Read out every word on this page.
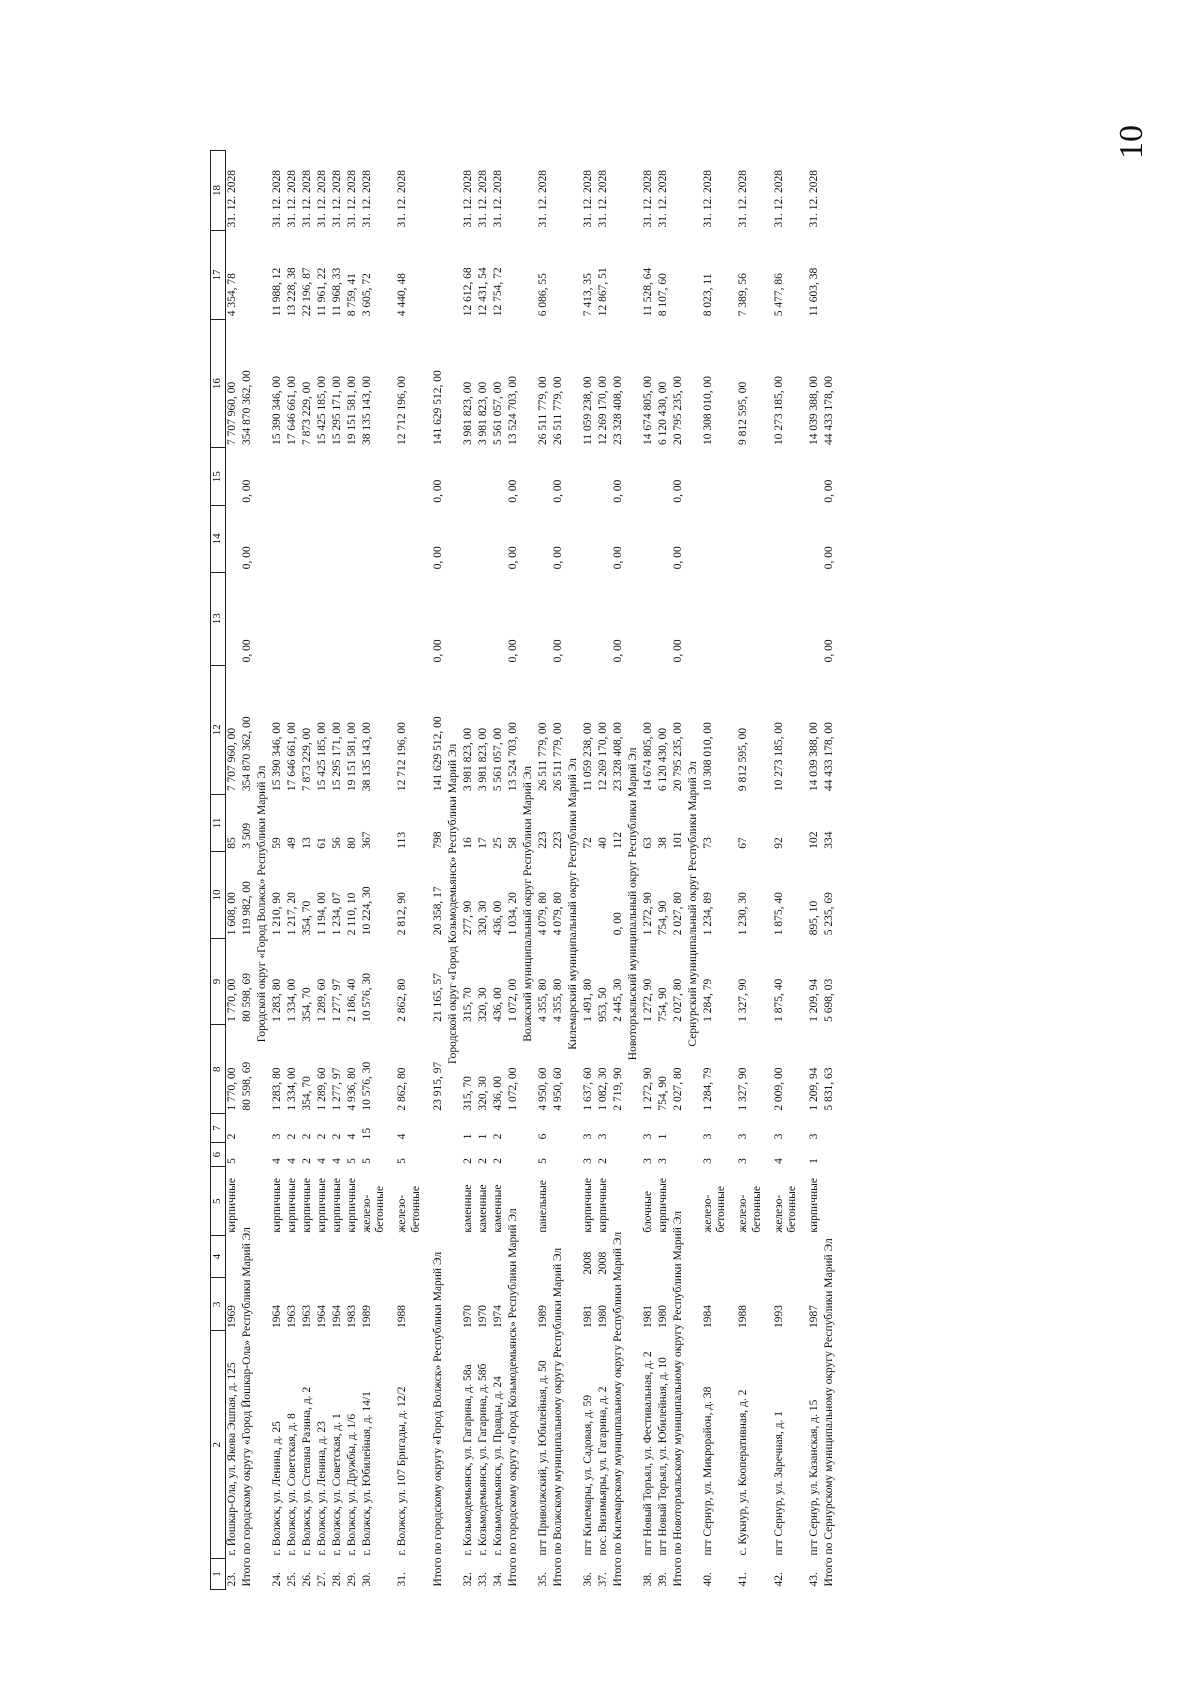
10
1	2	3	4	5	6	7	8	9	10	11	12	13	14	15	16	17	18
23.	г. Йошкар-Ола, ул. Якова Эшпая, д. 125	1969		кирпичные	5	2	1 770, 00	1 770, 00	1 608, 00	85	7 707 960, 00				7 707 960, 00	4 354, 78	31. 12. 2028
Итого по городскому округу «Город Йошкар-Ола» Республики Марий Эл							80 598, 69	80 598, 69	119 982, 00	3 509	354 870 362, 00	0, 00	0, 00	0, 00	354 870 362, 00		
						Городской округ «Город Волжск» Республики Марий Эл											
24.	г. Волжск, ул. Ленина, д. 25	1964		кирпичные	4	3	1 283, 80	1 283, 80	1 210, 90	59	15 390 346, 00				15 390 346, 00	11 988, 12	31. 12. 2028
25.	г. Волжск, ул. Советская, д. 8	1963		кирпичные	4	2	1 334, 00	1 334, 00	1 217, 20	49	17 646 661, 00				17 646 661, 00	13 228, 38	31. 12. 2028
26.	г. Волжск, ул. Степана Разина, д. 2	1963		кирпичные	2	2	354, 70	354, 70	354, 70	13	7 873 229, 00				7 873 229, 00	22 196, 87	31. 12. 2028
27.	г. Волжск, ул. Ленина, д. 23	1964		кирпичные	4	2	1 289, 60	1 289, 60	1 194, 00	61	15 425 185, 00				15 425 185, 00	11 961, 22	31. 12. 2028
28.	г. Волжск, ул. Советская, д. 1	1964		кирпичные	4	2	1 277, 97	1 277, 97	1 234, 07	56	15 295 171, 00				15 295 171, 00	11 968, 33	31. 12. 2028
29.	г. Волжск, ул. Дружбы, д. 1/6	1983		кирпичные	5	4	4 936, 80	2 186, 40	2 110, 10	80	19 151 581, 00				19 151 581, 00	8 759, 41	31. 12. 2028
30.	г. Волжск, ул. Юбилейная, д. 14/1	1989		железо-бетонные	5	15	10 576, 30	10 576, 30	10 224, 30	367	38 135 143, 00				38 135 143, 00	3 605, 72	31. 12. 2028

31.	г. Волжск, ул. 107 Бригады, д. 12/2	1988		железо-бетонные	5	4	2 862, 80	2 862, 80	2 812, 90	113	12 712 196, 00				12 712 196, 00	4 440, 48	31. 12. 2028

Итого по городскому округу «Город Волжск» Республики Марий Эл							23 915, 97	21 165, 57	20 358, 17	798	141 629 512, 00	0, 00	0, 00	0, 00	141 629 512, 00		
						Городской округ «Город Козьмодемьянск» Республики Марий Эл											
32.	г. Козьмодемьянск, ул. Гагарина, д. 58а	1970		каменные	2	1	315, 70	315, 70	277, 90	16	3 981 823, 00				3 981 823, 00	12 612, 68	31. 12. 2028
33.	г. Козьмодемьянск, ул. Гагарина, д. 58б	1970		каменные	2	1	320, 30	320, 30	320, 30	17	3 981 823, 00				3 981 823, 00	12 431, 54	31. 12. 2028
34.	г. Козьмодемьянск, ул. Правды, д. 24	1974		каменные	2	2	436, 00	436, 00	436, 00	25	5 561 057, 00				5 561 057, 00	12 754, 72	31. 12. 2028
Итого по городскому округу «Город Козьмодемьянск» Республики Марий Эл							1 072, 00	1 072, 00	1 034, 20	58	13 524 703, 00	0, 00	0, 00	0, 00	13 524 703, 00		
						Волжский муниципальный округ Республики Марий Эл											
35.	пгт Приволжский, ул. Юбилейная, д. 50	1989		панельные	5	6	4 950, 60	4 355, 80	4 079, 80	223	26 511 779, 00				26 511 779, 00	6 086, 55	31. 12. 2028
Итого по Волжскому муниципальному округу Республики Марий Эл							4 950, 60	4 355, 80	4 079, 80	223	26 511 779, 00	0, 00	0, 00	0, 00	26 511 779, 00		
						Килемарский муниципальный округ Республики Марий Эл											
36.	пгт Килемары, ул. Садовая, д. 59	1981	2008	кирпичные	3	3	1 637, 60	1 491, 80		72	11 059 238, 00				11 059 238, 00	7 413, 35	31. 12. 2028
37.	пос. Визимьяры, ул. Гагарина, д. 2	1980	2008	кирпичные	2	3	1 082, 30	953, 50		40	12 269 170, 00				12 269 170, 00	12 867, 51	31. 12. 2028
Итого по Килемарскому муниципальному округу Республики Марий Эл							2 719, 90	2 445, 30	0, 00	112	23 328 408, 00	0, 00	0, 00	0, 00	23 328 408, 00		
						Новоторъяльский муниципальный округ Республики Марий Эл											
38.	пгт Новый Торъял, ул. Фестивальная, д. 2	1981		блочные	3	3	1 272, 90	1 272, 90	1 272, 90	63	14 674 805, 00				14 674 805, 00	11 528, 64	31. 12. 2028
39.	пгт Новый Торъял, ул. Юбилейная, д. 10	1980		кирпичные	3	1	754, 90	754, 90	754, 90	38	6 120 430, 00				6 120 430, 00	8 107, 60	31. 12. 2028
Итого по Новоторъяльскому муниципальному округу Республики Марий Эл							2 027, 80	2 027, 80	2 027, 80	101	20 795 235, 00	0, 00	0, 00	0, 00	20 795 235, 00		
						Сернурский муниципальный округ Республики Марий Эл											
40.	пгт Сернур, ул. Микрорайон, д. 38	1984		железо-бетонные	3	3	1 284, 79	1 284, 79	1 234, 89	73	10 308 010, 00				10 308 010, 00	8 023, 11	31. 12. 2028

41.	с. Кукнур, ул. Кооперативная, д. 2	1988		железо-бетонные	3	3	1 327, 90	1 327, 90	1 230, 30	67	9 812 595, 00				9 812 595, 00	7 389, 56	31. 12. 2028

42.	пгт Сернур, ул. Заречная, д. 1	1993		железо-бетонные	4	3	2 009, 00	1 875, 40	1 875, 40	92	10 273 185, 00				10 273 185, 00	5 477, 86	31. 12. 2028

43.	пгт Сернур, ул. Казанская, д. 15	1987		кирпичные	1	3	1 209, 94	1 209, 94	895, 10	102	14 039 388, 00				14 039 388, 00	11 603, 38	31. 12. 2028
Итого по Сернурскому муниципальному округу Республики Марий Эл							5 831, 63	5 698, 03	5 235, 69	334	44 433 178, 00	0, 00	0, 00	0, 00	44 433 178, 00		
